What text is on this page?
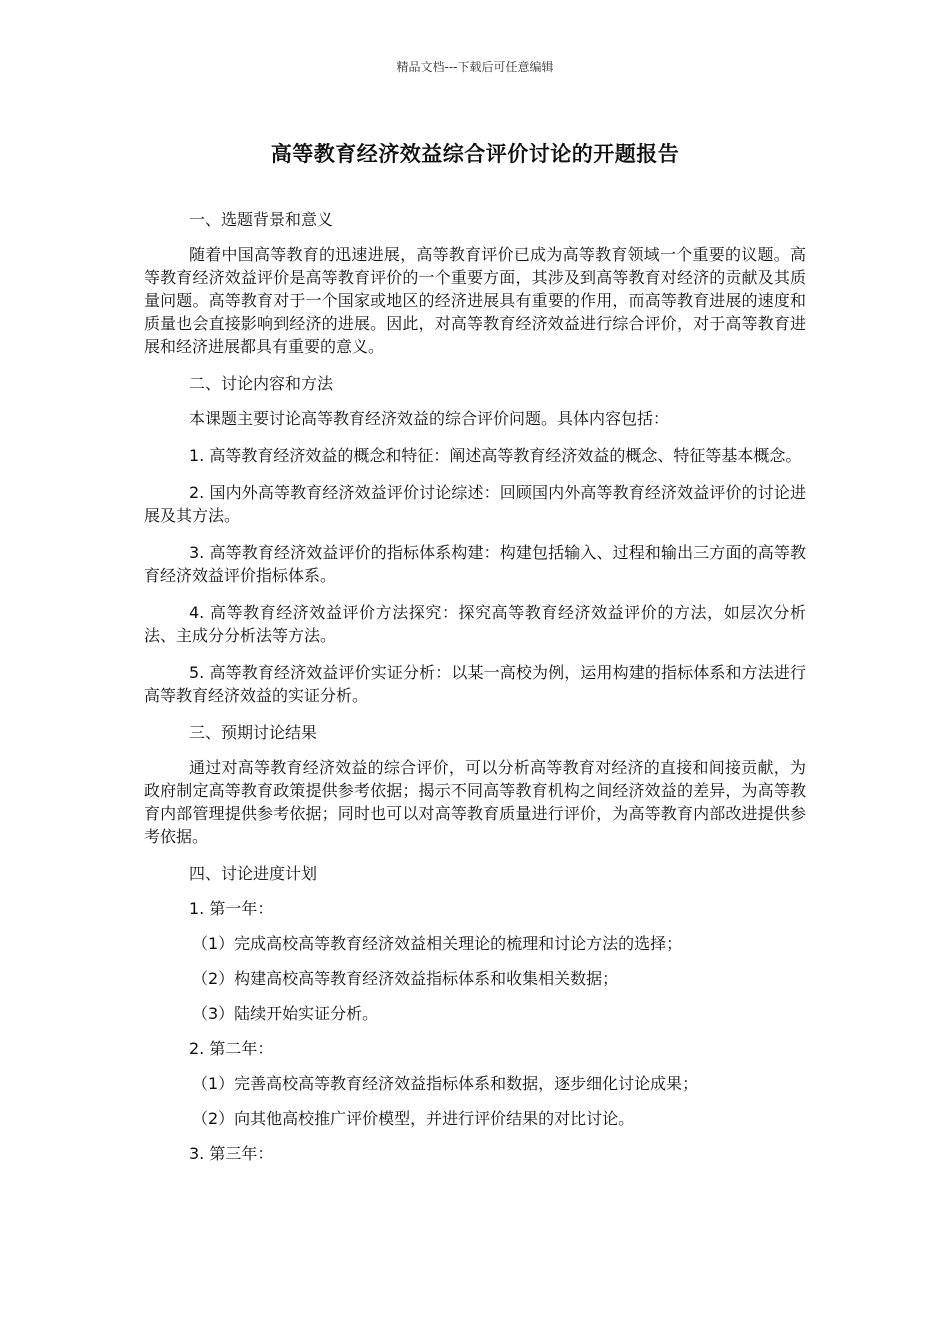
精品文档---下载后可任意编辑
高等教育经济效益综合评价讨论的开题报告

一、选题背景和意义

随着中国高等教育的迅速进展，高等教育评价已成为高等教育领域一个重要的议题。高等教育经济效益评价是高等教育评价的一个重要方面，其涉及到高等教育对经济的贡献及其质量问题。高等教育对于一个国家或地区的经济进展具有重要的作用，而高等教育进展的速度和质量也会直接影响到经济的进展。因此，对高等教育经济效益进行综合评价，对于高等教育进展和经济进展都具有重要的意义。

二、讨论内容和方法

本课题主要讨论高等教育经济效益的综合评价问题。具体内容包括：

1. 高等教育经济效益的概念和特征：阐述高等教育经济效益的概念、特征等基本概念。

2. 国内外高等教育经济效益评价讨论综述：回顾国内外高等教育经济效益评价的讨论进展及其方法。

3. 高等教育经济效益评价的指标体系构建：构建包括输入、过程和输出三方面的高等教育经济效益评价指标体系。

4. 高等教育经济效益评价方法探究：探究高等教育经济效益评价的方法，如层次分析法、主成分分析法等方法。

5. 高等教育经济效益评价实证分析：以某一高校为例，运用构建的指标体系和方法进行高等教育经济效益的实证分析。

三、预期讨论结果

通过对高等教育经济效益的综合评价，可以分析高等教育对经济的直接和间接贡献，为政府制定高等教育政策提供参考依据；揭示不同高等教育机构之间经济效益的差异，为高等教育内部管理提供参考依据；同时也可以对高等教育质量进行评价，为高等教育内部改进提供参考依据。

四、讨论进度计划

1. 第一年：

（1）完成高校高等教育经济效益相关理论的梳理和讨论方法的选择；

（2）构建高校高等教育经济效益指标体系和收集相关数据；

（3）陆续开始实证分析。

2. 第二年：

（1）完善高校高等教育经济效益指标体系和数据，逐步细化讨论成果；

（2）向其他高校推广评价模型，并进行评价结果的对比讨论。

3. 第三年：
